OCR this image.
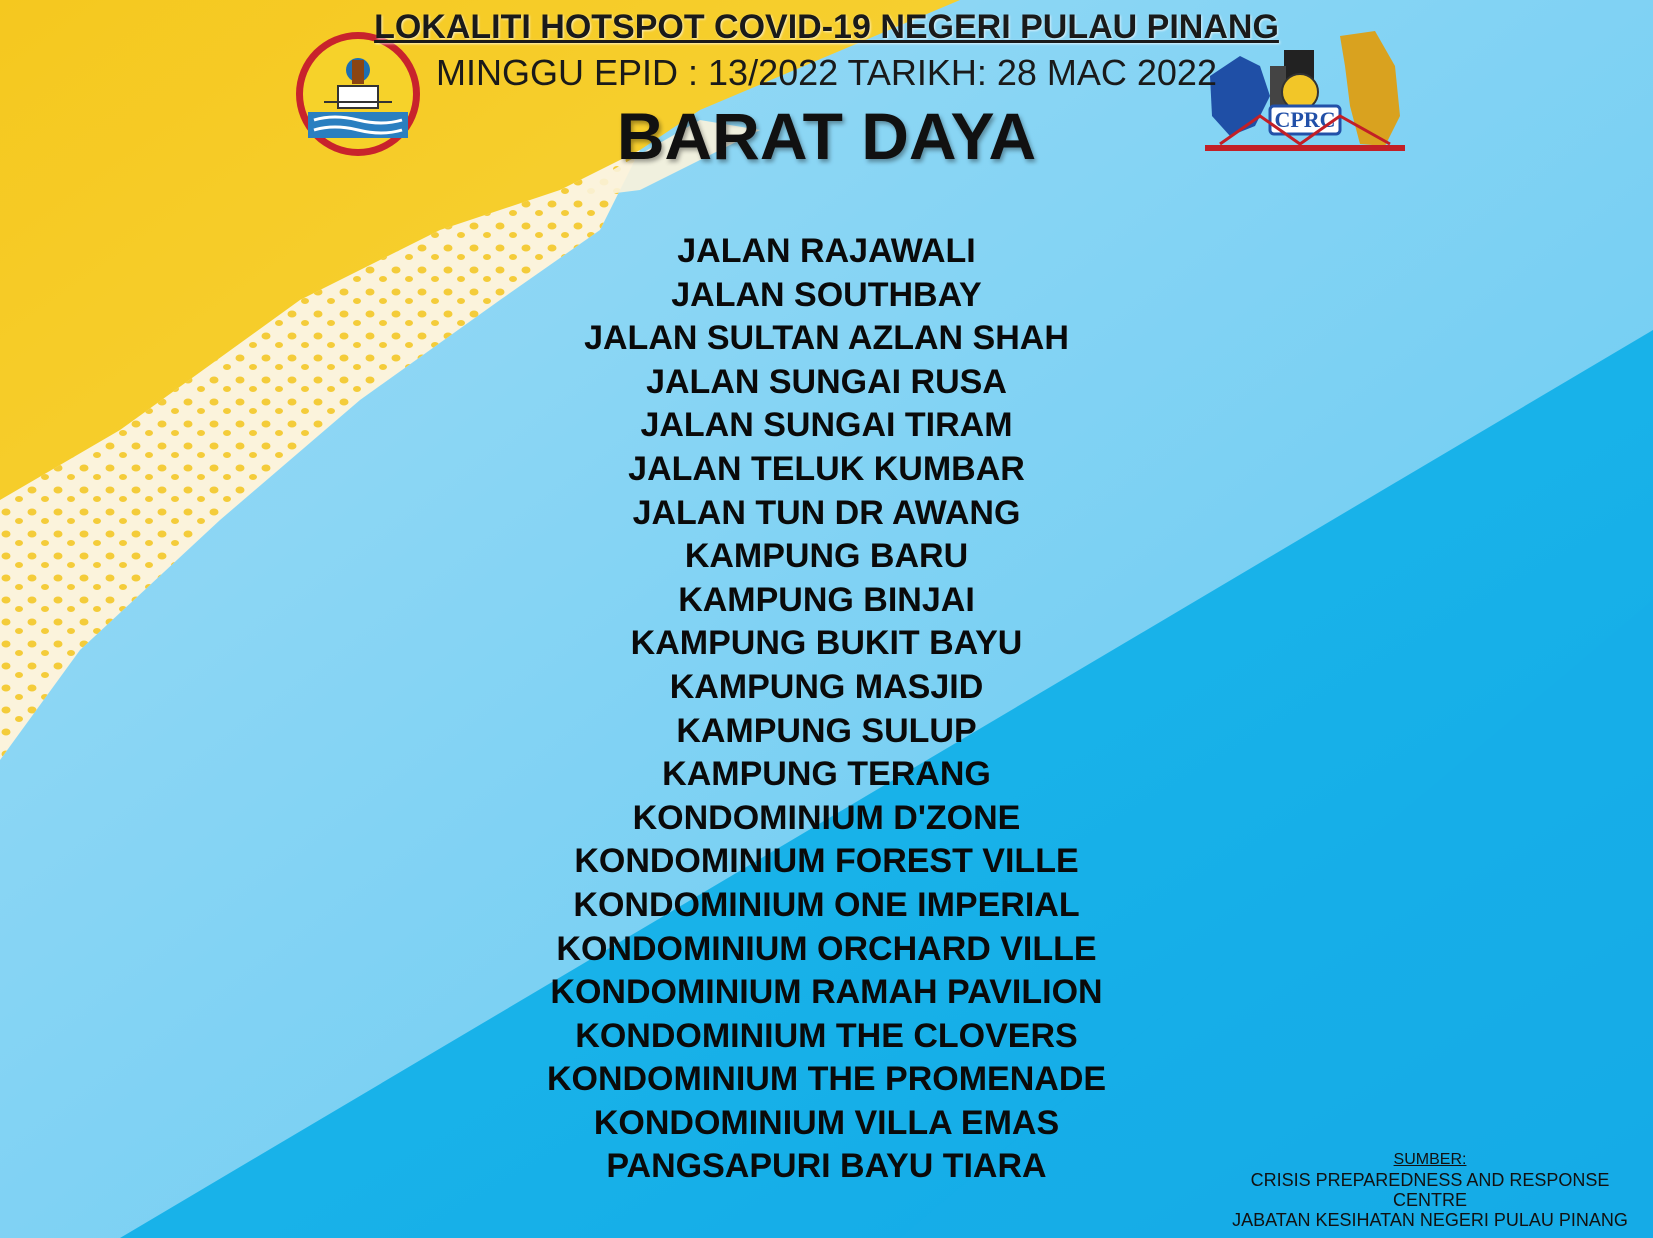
CPRC
LOKALITI HOTSPOT COVID-19 NEGERI PULAU PINANG
MINGGU EPID : 13/2022 TARIKH: 28 MAC 2022
BARAT DAYA
JALAN RAJAWALI
JALAN SOUTHBAY
JALAN SULTAN AZLAN SHAH
JALAN SUNGAI RUSA
JALAN SUNGAI TIRAM
JALAN TELUK KUMBAR
JALAN TUN DR AWANG
KAMPUNG BARU
KAMPUNG BINJAI
KAMPUNG BUKIT BAYU
KAMPUNG MASJID
KAMPUNG SULUP
KAMPUNG TERANG
KONDOMINIUM D'ZONE
KONDOMINIUM FOREST VILLE
KONDOMINIUM ONE IMPERIAL
KONDOMINIUM ORCHARD VILLE
KONDOMINIUM RAMAH PAVILION
KONDOMINIUM THE CLOVERS
KONDOMINIUM THE PROMENADE
KONDOMINIUM VILLA EMAS
PANGSAPURI BAYU TIARA	SUMBER:
CRISIS PREPAREDNESS AND RESPONSE CENTRE
JABATAN KESIHATAN NEGERI PULAU PINANG
